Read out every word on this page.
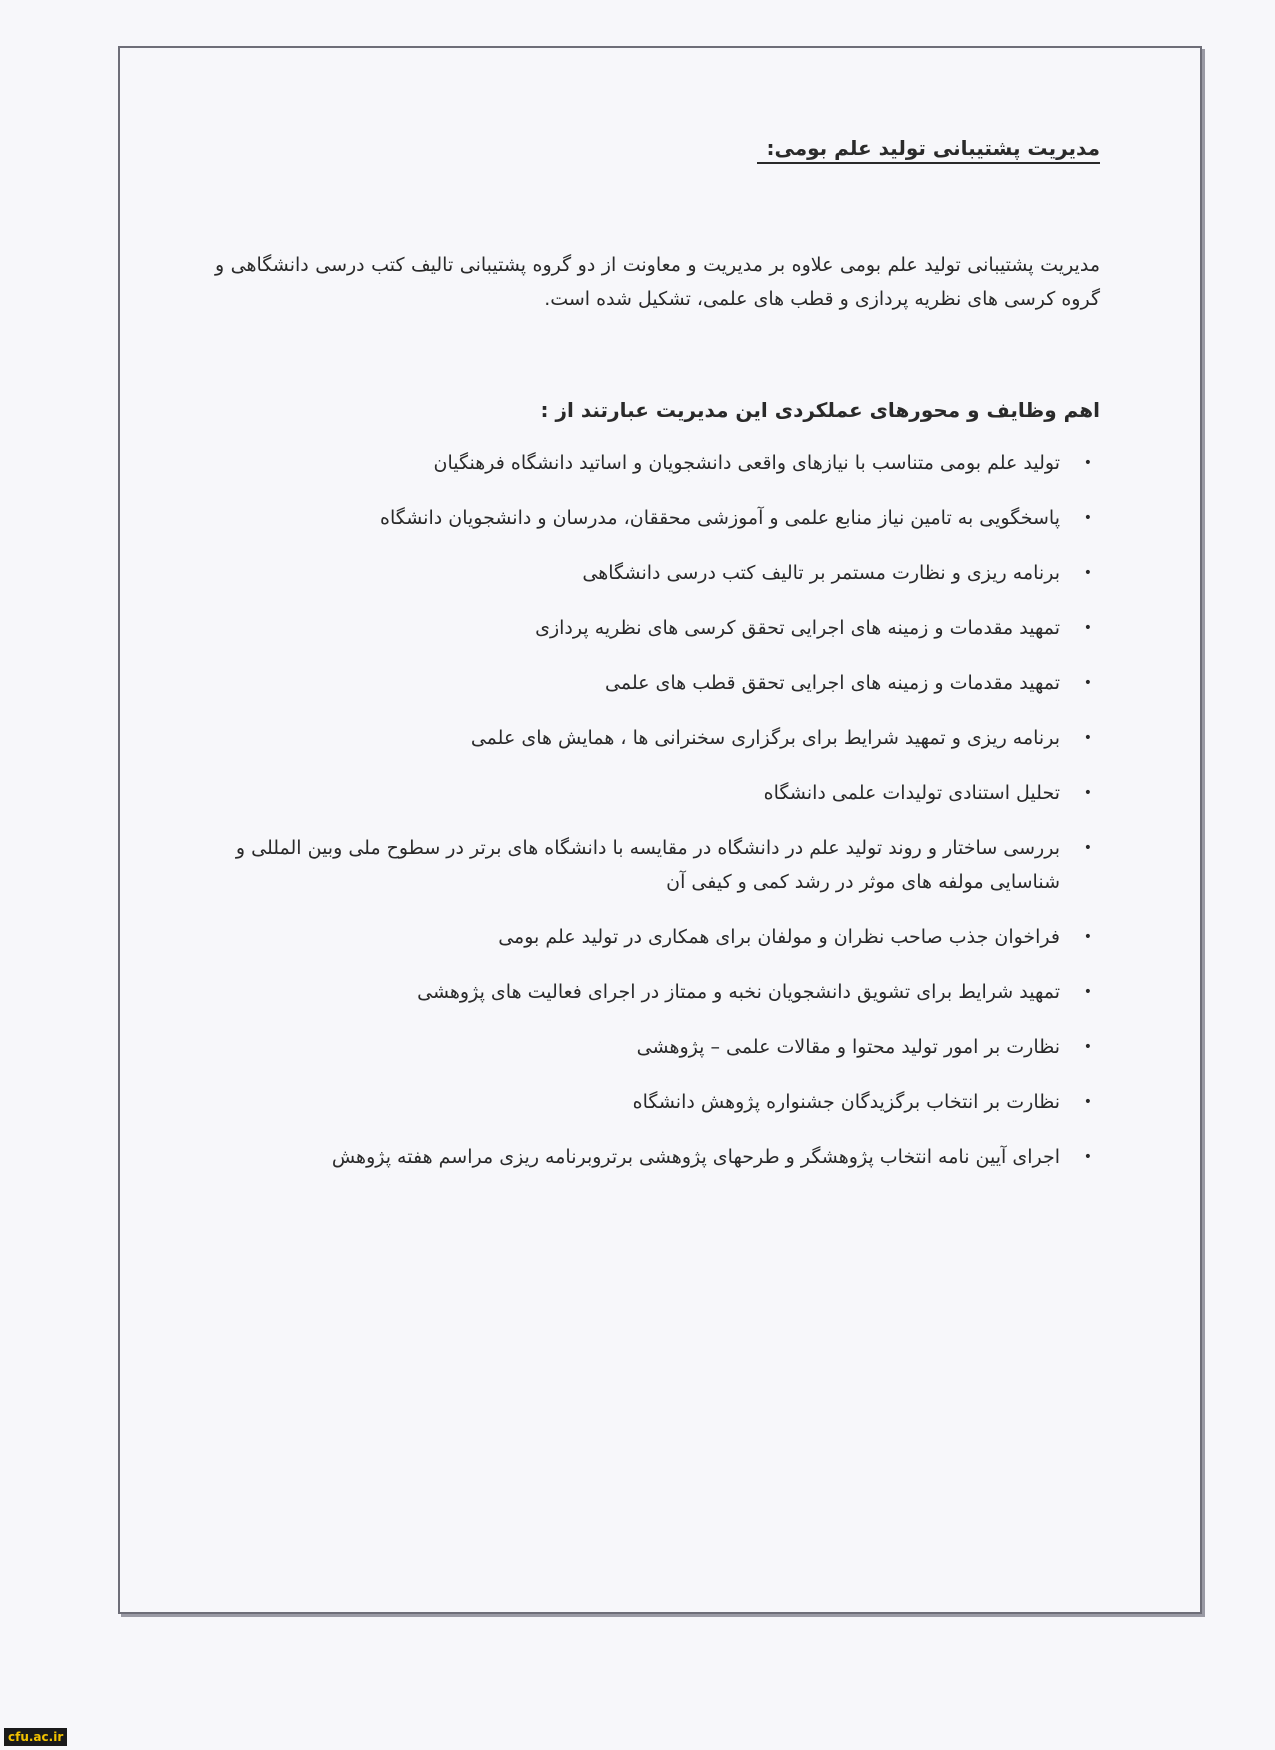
مدیریت پشتیبانی تولید علم بومی:

مدیریت پشتیبانی تولید علم بومی علاوه بر مدیریت و معاونت از دو گروه پشتیبانی تالیف کتب درسی دانشگاهی و گروه کرسی های نظریه پردازی و قطب های علمی، تشکیل شده است.

اهم وظایف و محورهای عملکردی این مدیریت عبارتند از :

•
تولید علم بومی متناسب با نیازهای واقعی دانشجویان و اساتید دانشگاه فرهنگیان
•
پاسخگویی به تامین نیاز منابع علمی و آموزشی محققان، مدرسان و دانشجویان دانشگاه
•
برنامه ریزی و نظارت مستمر بر تالیف کتب درسی دانشگاهی
•
تمهید مقدمات و زمینه های اجرایی تحقق کرسی های نظریه پردازی
•
تمهید مقدمات و زمینه های اجرایی تحقق قطب های علمی
•
برنامه ریزی و تمهید شرایط برای برگزاری سخنرانی ها ، همایش های علمی
•
تحلیل استنادی تولیدات علمی دانشگاه
•
بررسی ساختار و روند تولید علم در دانشگاه در مقایسه با دانشگاه های برتر در سطوح ملی وبین المللی و شناسایی مولفه های موثر در رشد کمی و کیفی آن
•
فراخوان جذب صاحب نظران و مولفان برای همکاری در تولید علم بومی
•
تمهید شرایط برای تشویق دانشجویان نخبه و ممتاز در اجرای فعالیت های پژوهشی
•
نظارت بر امور تولید محتوا و مقالات علمی – پژوهشی
•
نظارت بر انتخاب برگزیدگان جشنواره پژوهش دانشگاه
•
اجرای آیین نامه انتخاب پژوهشگر و طرحهای پژوهشی برتروبرنامه ریزی مراسم هفته پژوهش
cfu.ac.ir
